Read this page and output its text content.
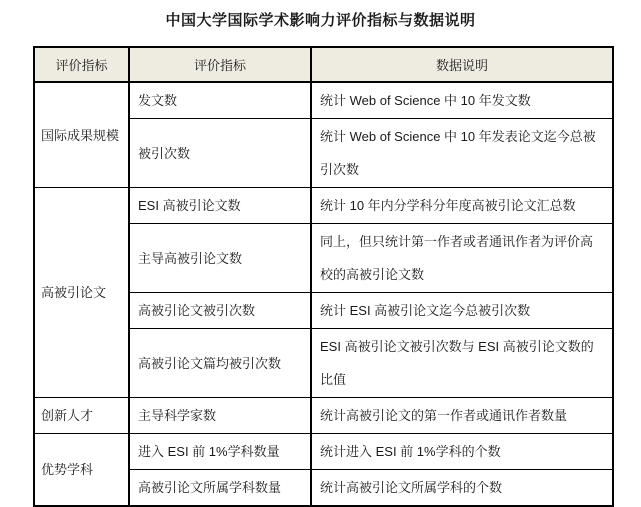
中国大学国际学术影响力评价指标与数据说明
评价指标	评价指标	数据说明
国际成果规模	发文数	统计 Web of Science 中 10 年发文数
	被引次数	统计 Web of Science 中 10 年发表论文迄今总被引次数
高被引论文	ESI 高被引论文数	统计 10 年内分学科分年度高被引论文汇总数
	主导高被引论文数	同上，但只统计第一作者或者通讯作者为评价高校的高被引论文数
	高被引论文被引次数	统计 ESI 高被引论文迄今总被引次数
	高被引论文篇均被引次数	ESI 高被引论文被引次数与 ESI 高被引论文数的比值
创新人才	主导科学家数	统计高被引论文的第一作者或通讯作者数量
优势学科	进入 ESI 前 1%学科数量	统计进入 ESI 前 1%学科的个数
	高被引论文所属学科数量	统计高被引论文所属学科的个数
